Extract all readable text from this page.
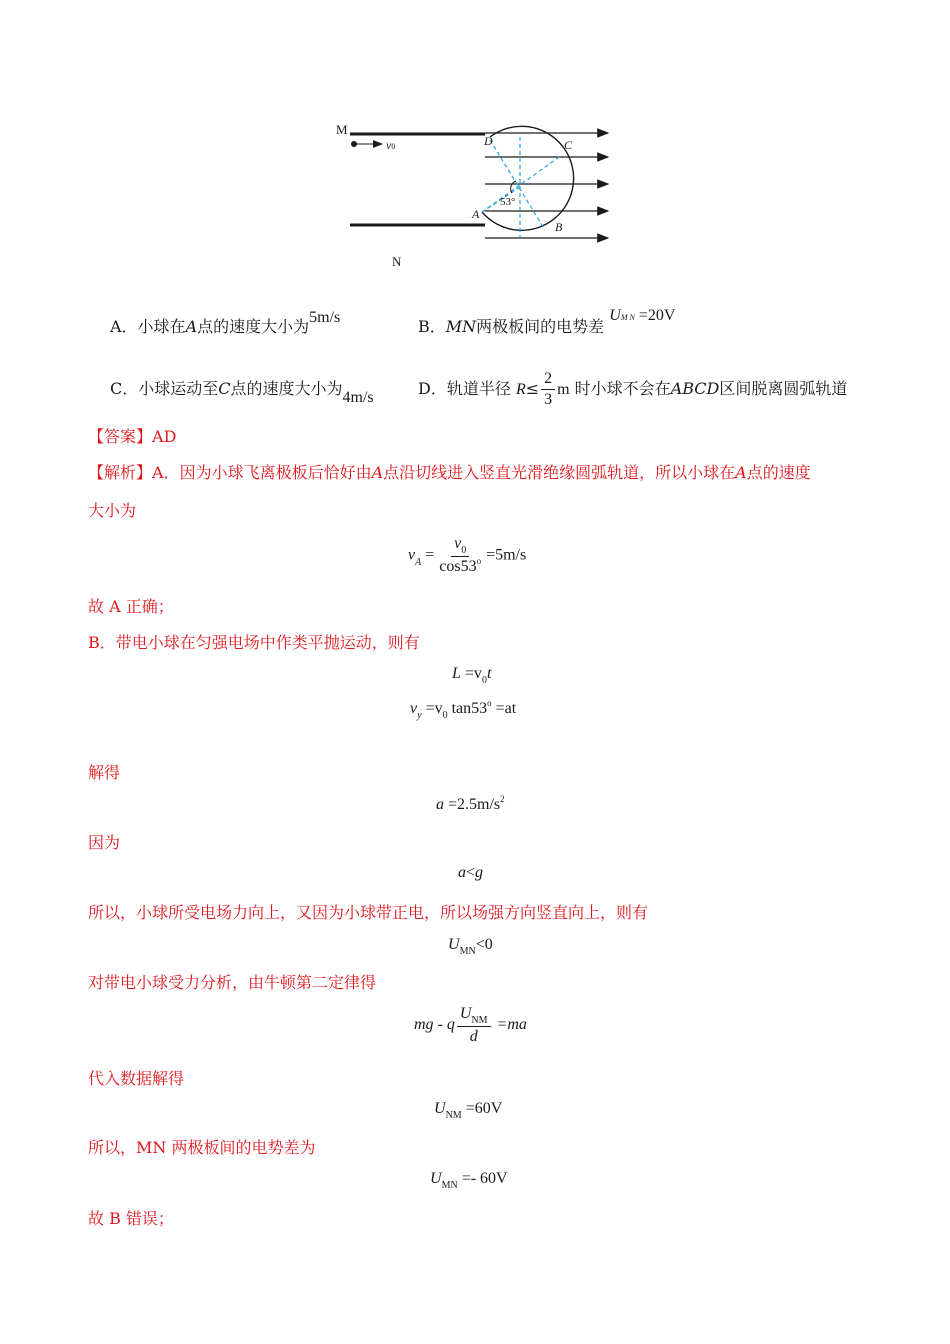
M
N
v0	D	C
A
B
53°
A．小球在A点的速度大小为5m/s	B．MN两极板间的电势差 UM N =20V
C．小球运动至C点的速度大小为4m/s	D．轨道半径 $R\le \frac{2}{3}$ m 时小球不会在ABCD区间脱离圆弧轨道
【答案】AD
【解析】A．因为小球飞离极板后恰好由A点沿切线进入竖直光滑绝缘圆弧轨道，所以小球在A点的速度
大小为
$v_A = \frac{v_0}{\cos 53^o} =5m/s$
故 A 正确；
B．带电小球在匀强电场中作类平抛运动，则有
$L =v_0t$
$v_y =v_0$ $\tan 53^o =at$
解得
$a =2.5m/s^2$
因为
a<g
所以，小球所受电场力向上，又因为小球带正电，所以场强方向竖直向上，则有
$U_{MN}<0$
对带电小球受力分析，由牛顿第二定律得
mg - q $\frac{U_{NM}}{d} =ma$
代入数据解得
$U_{NM} =60V$
所以，MN 两极板间的电势差为
$U_{MN} =- 60V$
故 B 错误；
